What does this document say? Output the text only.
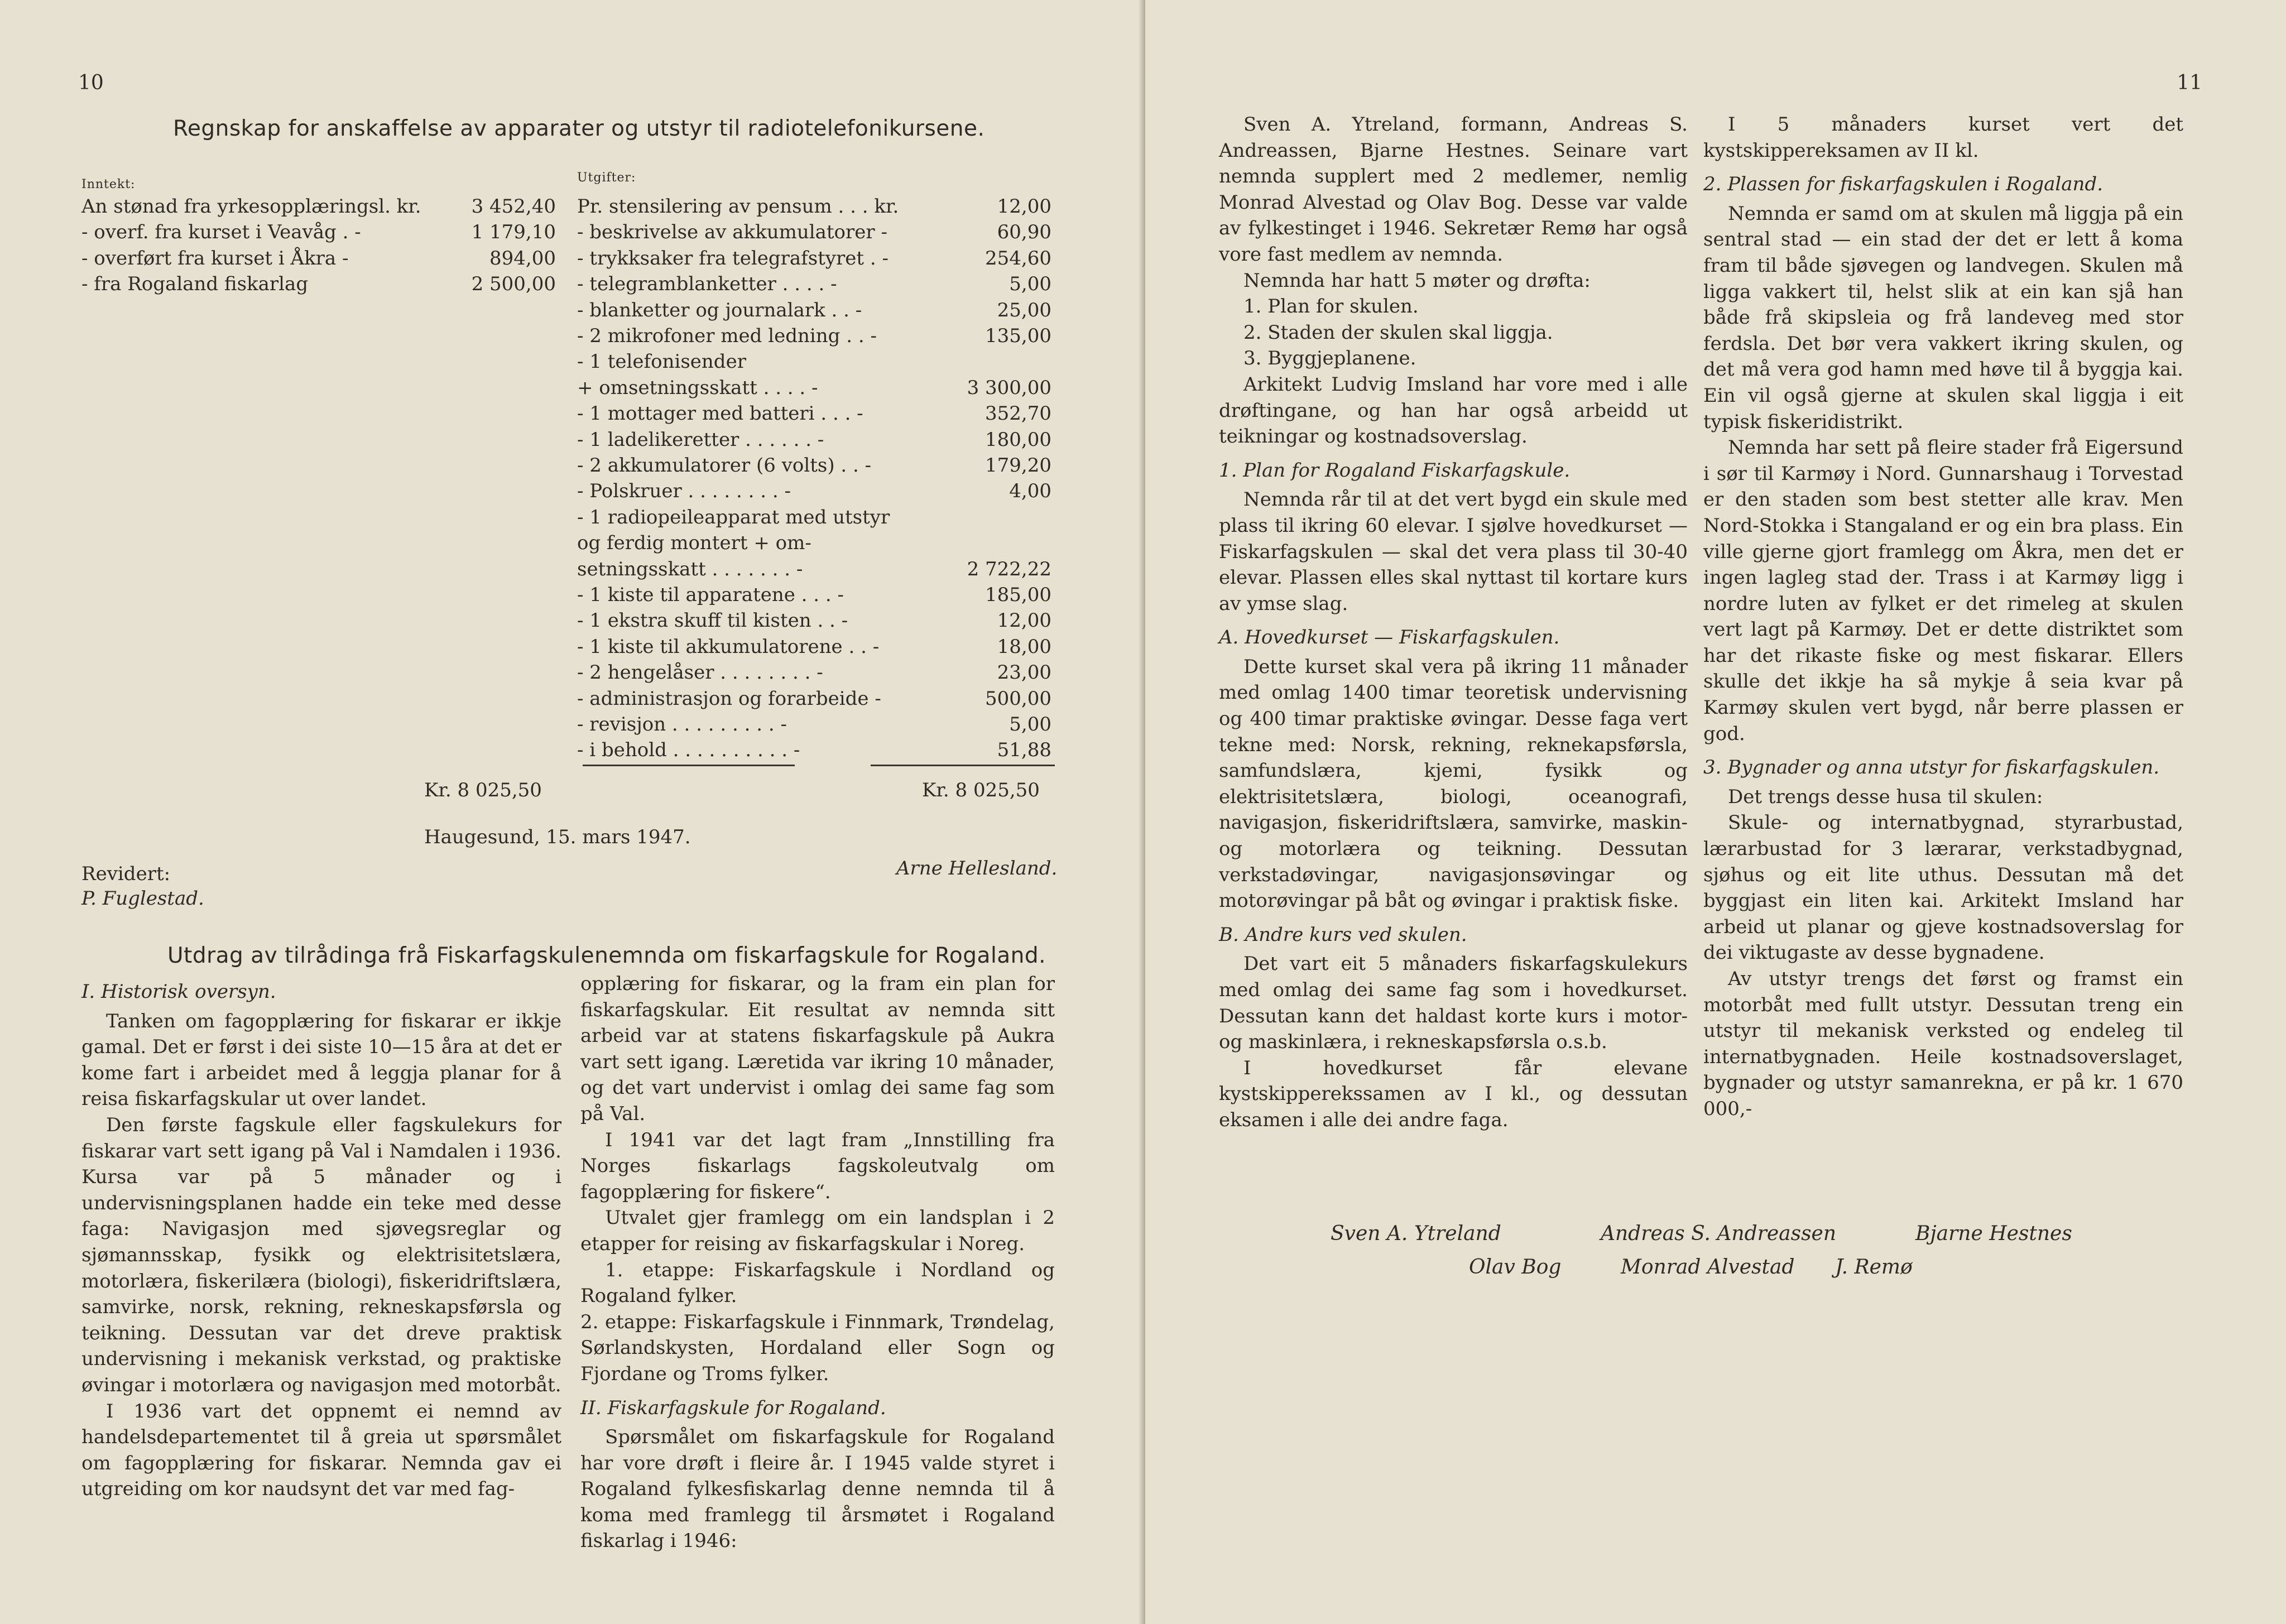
10
Regnskap for anskaffelse av apparater og utstyr til radiotelefonikursene.
Inntekt:	Utgifter:
An stønad fra yrkesopplæringsl. kr.	3 452,40
- overf. fra kurset i Veavåg . -	1 179,10
- overført fra kurset i Åkra -	894,00
- fra Rogaland fiskarlag	2 500,00
Pr. stensilering av pensum . . . kr.	12,00
- beskrivelse av akkumulatorer -	60,90
- trykksaker fra telegrafstyret . -	254,60
- telegramblanketter . . . . -	5,00
- blanketter og journalark . . -	25,00
- 2 mikrofoner med ledning . . -	135,00
- 1 telefonisender
+ omsetningsskatt . . . . -	3 300,00
- 1 mottager med batteri . . . -	352,70
- 1 ladelikeretter . . . . . . -	180,00
- 2 akkumulatorer (6 volts) . . -	179,20
- Polskruer . . . . . . . . -	4,00
- 1 radiopeileapparat med utstyr
og ferdig montert + om-
setningsskatt . . . . . . . -	2 722,22
- 1 kiste til apparatene . . . -	185,00
- 1 ekstra skuff til kisten . . -	12,00
- 1 kiste til akkumulatorene . . -	18,00
- 2 hengelåser . . . . . . . . -	23,00
- administrasjon og forarbeide -	500,00
- revisjon . . . . . . . . . -	5,00
- i behold . . . . . . . . . . -	51,88
Kr. 8 025,50	Kr. 8 025,50
Haugesund, 15. mars 1947.
Revidert:
P. Fuglestad.
Arne Hellesland.
Utdrag av tilrådinga frå Fiskarfagskulenemnda om fiskarfagskule for Rogaland.

I. Historisk oversyn.

Tanken om fagopplæring for fiskarar er ikkje gamal. Det er først i dei siste 10—15 åra at det er kome fart i arbeidet med å leggja planar for å reisa fiskarfagskular ut over landet.

Den første fagskule eller fagskulekurs for fiskarar vart sett igang på Val i Namdalen i 1936. Kursa var på 5 månader og i undervisningsplanen hadde ein teke med desse faga: Navigasjon med sjøvegsreglar og sjømannsskap, fysikk og elektrisitetslæra, motorlæra, fiskerilæra (biologi), fiskeridriftslæra, samvirke, norsk, rekning, rekneskapsførsla og teikning. Dessutan var det dreve praktisk undervisning i mekanisk verkstad, og praktiske øvingar i motorlæra og navigasjon med motorbåt.

I 1936 vart det oppnemt ei nemnd av handelsdepartementet til å greia ut spørsmålet om fagopplæring for fiskarar. Nemnda gav ei utgreiding om kor naudsynt det var med fag-

opplæring for fiskarar, og la fram ein plan for fiskarfagskular. Eit resultat av nemnda sitt arbeid var at statens fiskarfagskule på Aukra vart sett igang. Læretida var ikring 10 månader, og det vart undervist i omlag dei same fag som på Val.

I 1941 var det lagt fram „Innstilling fra Norges fiskarlags fagskoleutvalg om fagopplæring for fiskere“.

Utvalet gjer framlegg om ein landsplan i 2 etapper for reising av fiskarfagskular i Noreg.

1. etappe: Fiskarfagskule i Nordland og Rogaland fylker.

2. etappe: Fiskarfagskule i Finnmark, Trøndelag, Sørlandskysten, Hordaland eller Sogn og Fjordane og Troms fylker.

II. Fiskarfagskule for Rogaland.

Spørsmålet om fiskarfagskule for Rogaland har vore drøft i fleire år. I 1945 valde styret i Rogaland fylkesfiskarlag denne nemnda til å koma med framlegg til årsmøtet i Rogaland fiskarlag i 1946:

11

Sven A. Ytreland, formann, Andreas S. Andreassen, Bjarne Hestnes. Seinare vart nemnda supplert med 2 medlemer, nemlig Monrad Alvestad og Olav Bog. Desse var valde av fylkestinget i 1946. Sekretær Remø har også vore fast medlem av nemnda.

Nemnda har hatt 5 møter og drøfta:

1. Plan for skulen.

2. Staden der skulen skal liggja.

3. Byggjeplanene.

Arkitekt Ludvig Imsland har vore med i alle drøftingane, og han har også arbeidd ut teikningar og kostnadsoverslag.

1. Plan for Rogaland Fiskarfagskule.

Nemnda rår til at det vert bygd ein skule med plass til ikring 60 elevar. I sjølve hovedkurset — Fiskarfagskulen — skal det vera plass til 30-40 elevar. Plassen elles skal nyttast til kortare kurs av ymse slag.

A. Hovedkurset — Fiskarfagskulen.

Dette kurset skal vera på ikring 11 månader med omlag 1400 timar teoretisk undervisning og 400 timar praktiske øvingar. Desse faga vert tekne med: Norsk, rekning, reknekapsførsla, samfundslæra, kjemi, fysikk og elektrisitetslæra, biologi, oceanografi, navigasjon, fiskeridriftslæra, samvirke, maskin- og motorlæra og teikning. Dessutan verkstadøvingar, navigasjonsøvingar og motorøvingar på båt og øvingar i praktisk fiske.

B. Andre kurs ved skulen.

Det vart eit 5 månaders fiskarfagskulekurs med omlag dei same fag som i hovedkurset. Dessutan kann det haldast korte kurs i motor- og maskinlæra, i rekneskapsførsla o.s.b.

I hovedkurset får elevane kystskipperekssamen av I kl., og dessutan eksamen i alle dei andre faga.

I 5 månaders kurset vert det kystskippereksamen av II kl.

2. Plassen for fiskarfagskulen i Rogaland.

Nemnda er samd om at skulen må liggja på ein sentral stad — ein stad der det er lett å koma fram til både sjøvegen og landvegen. Skulen må ligga vakkert til, helst slik at ein kan sjå han både frå skipsleia og frå landeveg med stor ferdsla. Det bør vera vakkert ikring skulen, og det må vera god hamn med høve til å byggja kai. Ein vil også gjerne at skulen skal liggja i eit typisk fiskeridistrikt.

Nemnda har sett på fleire stader frå Eigersund i sør til Karmøy i Nord. Gunnarshaug i Torvestad er den staden som best stetter alle krav. Men Nord-Stokka i Stangaland er og ein bra plass. Ein ville gjerne gjort framlegg om Åkra, men det er ingen lagleg stad der. Trass i at Karmøy ligg i nordre luten av fylket er det rimeleg at skulen vert lagt på Karmøy. Det er dette distriktet som har det rikaste fiske og mest fiskarar. Ellers skulle det ikkje ha så mykje å seia kvar på Karmøy skulen vert bygd, når berre plassen er god.

3. Bygnader og anna utstyr for fiskarfagskulen.

Det trengs desse husa til skulen:

Skule- og internatbygnad, styrarbustad, lærarbustad for 3 lærarar, verkstadbygnad, sjøhus og eit lite uthus. Dessutan må det byggjast ein liten kai. Arkitekt Imsland har arbeid ut planar og gjeve kostnadsoverslag for dei viktugaste av desse bygnadene.

Av utstyr trengs det først og framst ein motorbåt med fullt utstyr. Dessutan treng ein utstyr til mekanisk verksted og endeleg til internatbygnaden. Heile kostnadsoverslaget, bygnader og utstyr samanrekna, er på kr. 1 670 000,-

Sven A. Ytreland	Andreas S. Andreassen	Bjarne Hestnes
Olav Bog	Monrad Alvestad J. Remø
